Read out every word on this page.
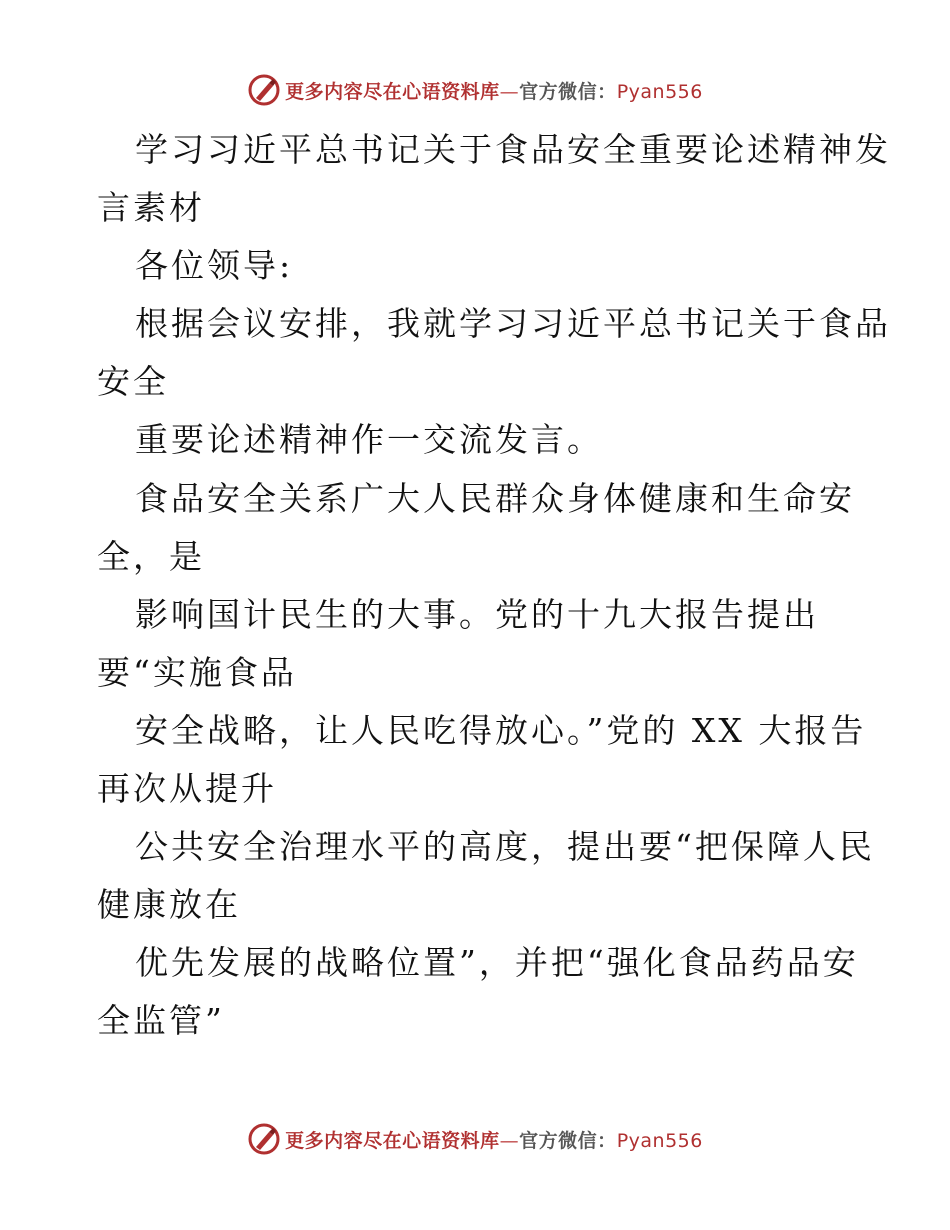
更多内容尽在心语资料库—官方微信：Pyan556
学习习近平总书记关于食品安全重要论述精神发
言素材
各位领导:
根据会议安排，我就学习习近平总书记关于食品
安全
重要论述精神作一交流发言。
食品安全关系广大人民群众身体健康和生命安
全，是
影响国计民生的大事。党的十九大报告提出
要“实施食品
安全战略，让人民吃得放心。”党的 XX 大报告
再次从提升
公共安全治理水平的高度，提出要“把保障人民
健康放在
优先发展的战略位置”，并把“强化食品药品安
全监管”
更多内容尽在心语资料库—官方微信：Pyan556
